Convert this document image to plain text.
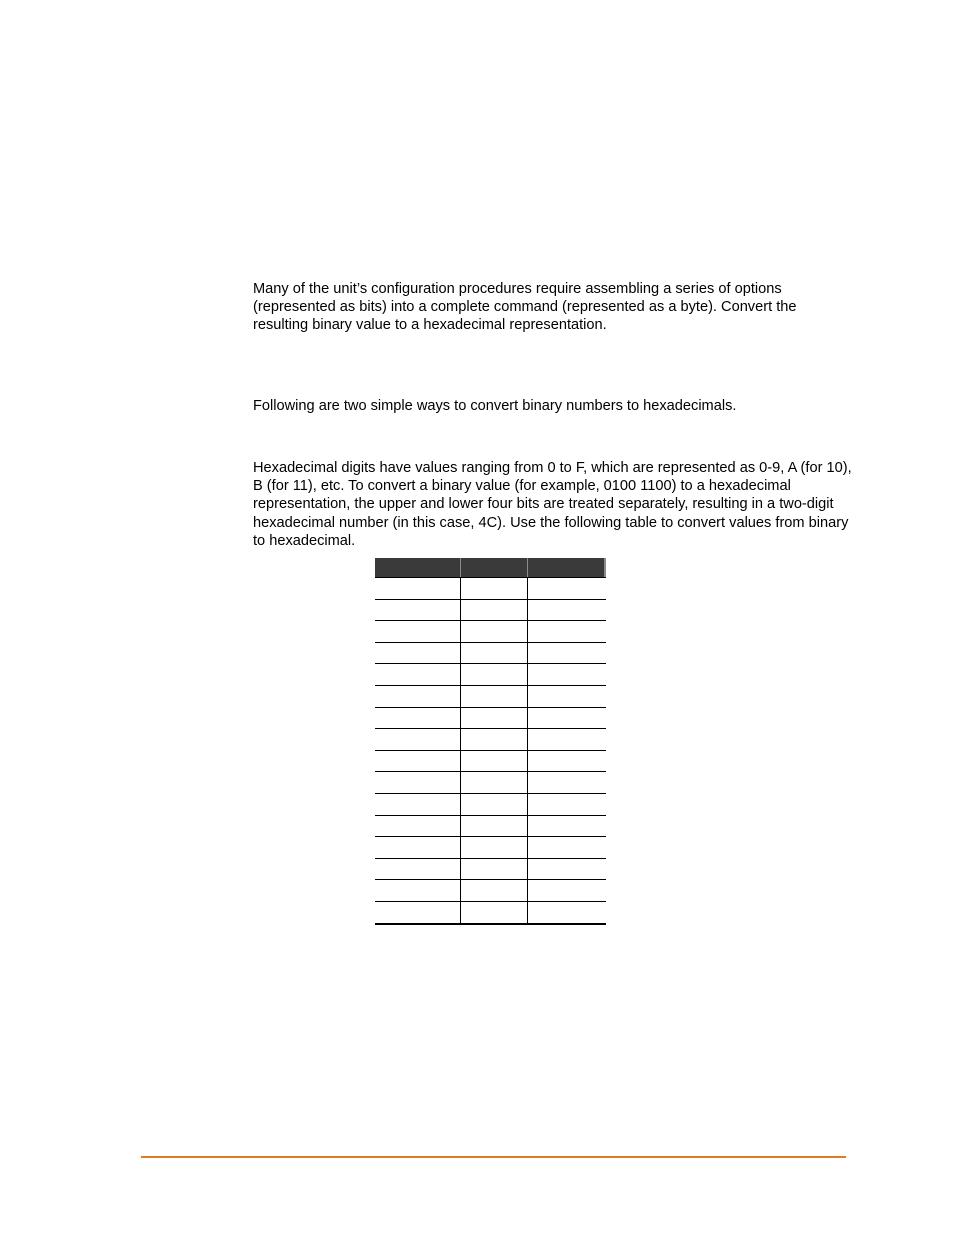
Many of the unit’s configuration procedures require assembling a series of options (represented as bits) into a complete command (represented as a byte). Convert the resulting binary value to a hexadecimal representation.

Following are two simple ways to convert binary numbers to hexadecimals.

Hexadecimal digits have values ranging from 0 to F, which are represented as 0-9, A (for 10), B (for 11), etc. To convert a binary value (for example, 0100 1100) to a hexadecimal representation, the upper and lower four bits are treated separately, resulting in a two-digit hexadecimal number (in this case, 4C). Use the following table to convert values from binary to hexadecimal.
